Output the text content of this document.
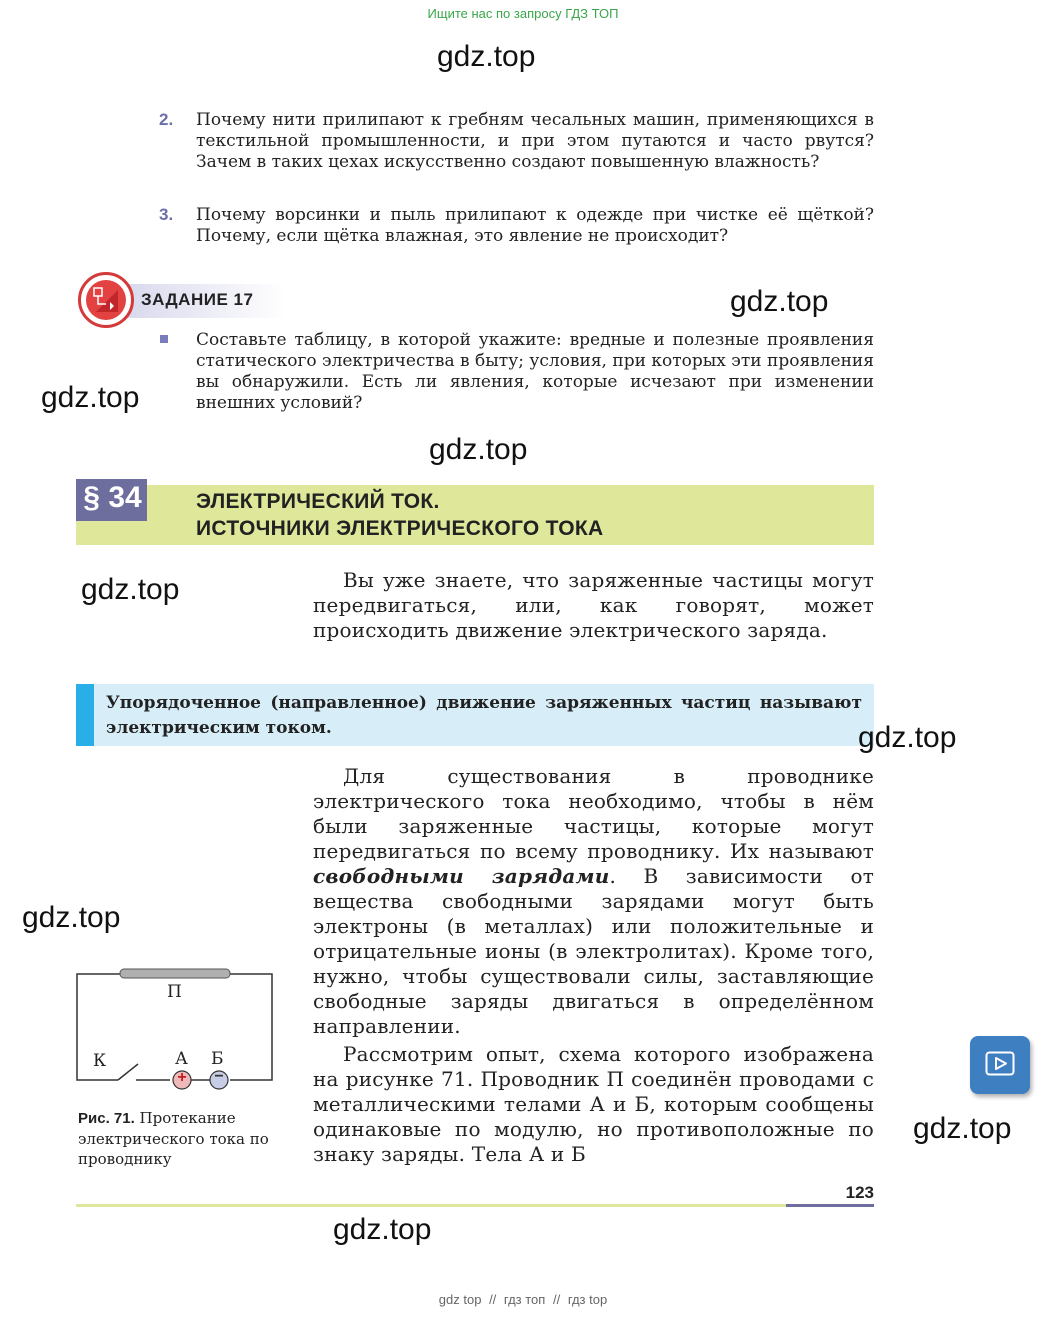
Ищите нас по запросу ГДЗ ТОП
gdz.top
2. Почему нити прилипают к гребням чесальных машин, применяющихся в текстильной промышленности, и при этом путаются и часто рвутся? Зачем в таких цехах искусственно создают повышенную влажность?
3. Почему ворсинки и пыль прилипают к одежде при чистке её щёткой? Почему, если щётка влажная, это явление не происходит?
ЗАДАНИЕ 17	gdz.top
Составьте таблицу, в которой укажите: вредные и полезные проявления статического электричества в быту; условия, при которых эти проявления вы обнаружили. Есть ли явления, которые исчезают при изменении внешних условий?
gdz.top
gdz.top
§ 34	ЭЛЕКТРИЧЕСКИЙ ТОК.
ИСТОЧНИКИ ЭЛЕКТРИЧЕСКОГО ТОКА
gdz.top	Вы уже знаете, что заряженные частицы могут передвигаться, или, как говорят, может происходить движение электрического заряда.
Упорядоченное (направленное) движение заряженных частиц называют электрическим током.	gdz.top
Для существования в проводнике электрического тока необходимо, чтобы в нём были заряженные частицы, которые могут передвигаться по всему проводнику. Их называют свободными зарядами. В зависимости от вещества свободными зарядами могут быть электроны (в металлах) или положительные и отрицательные ионы (в электролитах). Кроме того, нужно, чтобы существовали силы, заставляющие свободные заряды двигаться в определённом направлении.
gdz.top
Рассмотрим опыт, схема которого изображена на рисунке 71. Проводник П соединён проводами с металлическими телами А и Б, которым сообщены одинаковые по модулю, но противоположные по знаку заряды. Тела А и Б
П
К	А Б
+ −
Рис. 71. Протекание электрического тока по проводнику
gdz.top
123
gdz.top
gdz top // гдз топ // гдз top
